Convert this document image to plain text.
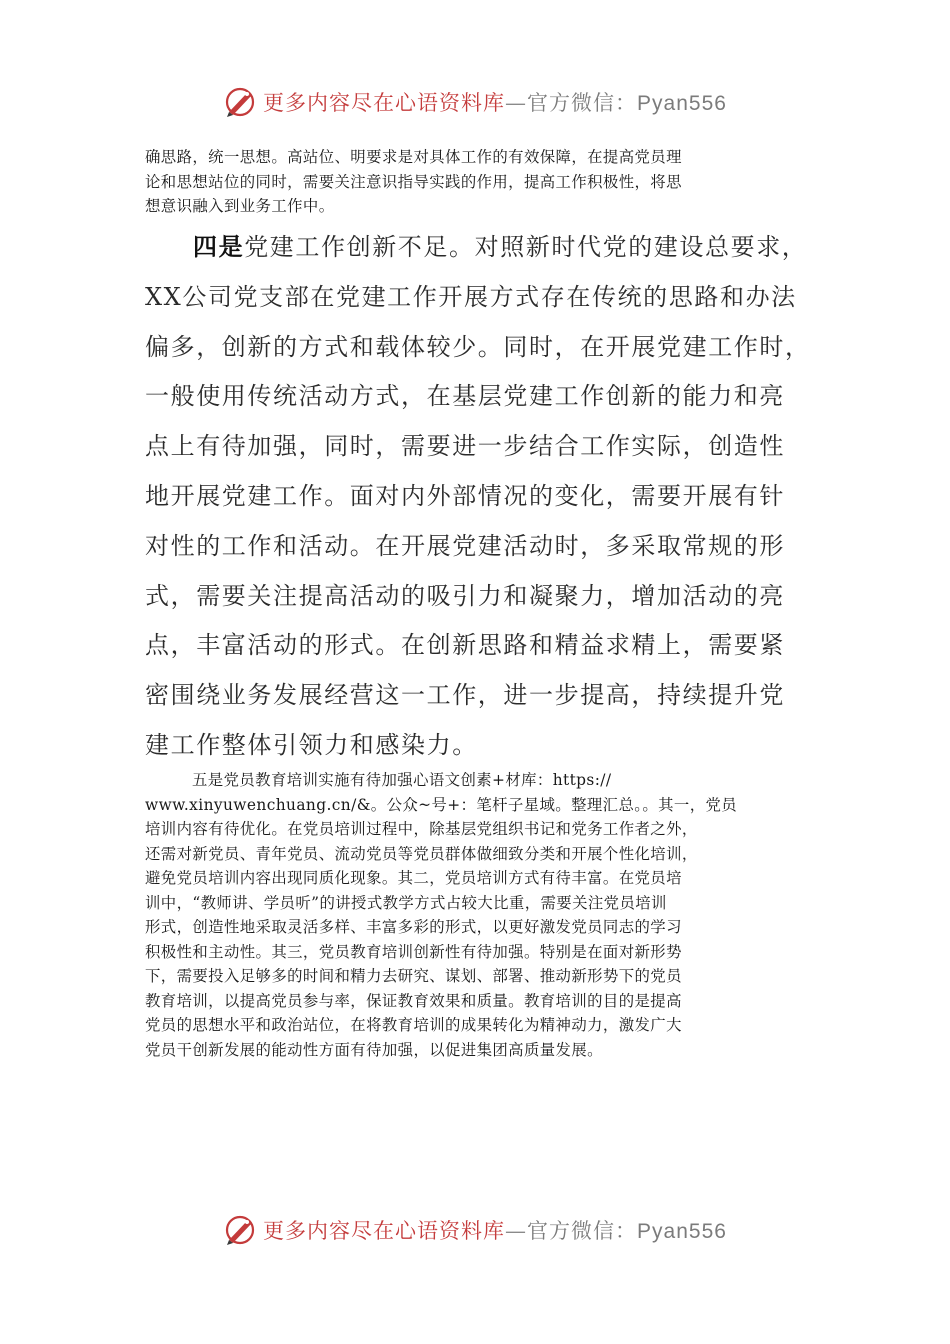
更多内容尽在心语资料库—官方微信：Pyan556
确思路，统一思想。高站位、明要求是对具体工作的有效保障，在提高党员理
论和思想站位的同时，需要关注意识指导实践的作用，提高工作积极性，将思
想意识融入到业务工作中。
四是党建工作创新不足。对照新时代党的建设总要求，
XX公司党支部在党建工作开展方式存在传统的思路和办法
偏多，创新的方式和载体较少。同时，在开展党建工作时，
一般使用传统活动方式，在基层党建工作创新的能力和亮
点上有待加强，同时，需要进一步结合工作实际，创造性
地开展党建工作。面对内外部情况的变化，需要开展有针
对性的工作和活动。在开展党建活动时，多采取常规的形
式，需要关注提高活动的吸引力和凝聚力，增加活动的亮
点，丰富活动的形式。在创新思路和精益求精上，需要紧
密围绕业务发展经营这一工作，进一步提高，持续提升党
建工作整体引领力和感染力。
五是党员教育培训实施有待加强心语文创素+材库：https://
www.xinyuwenchuang.cn/&。公众~号+：笔杆子星域。整理汇总。。其一，党员
培训内容有待优化。在党员培训过程中，除基层党组织书记和党务工作者之外，
还需对新党员、青年党员、流动党员等党员群体做细致分类和开展个性化培训，
避免党员培训内容出现同质化现象。其二，党员培训方式有待丰富。在党员培
训中，“教师讲、学员听”的讲授式教学方式占较大比重，需要关注党员培训
形式，创造性地采取灵活多样、丰富多彩的形式，以更好激发党员同志的学习
积极性和主动性。其三，党员教育培训创新性有待加强。特别是在面对新形势
下，需要投入足够多的时间和精力去研究、谋划、部署、推动新形势下的党员
教育培训，以提高党员参与率，保证教育效果和质量。教育培训的目的是提高
党员的思想水平和政治站位，在将教育培训的成果转化为精神动力，激发广大
党员干创新发展的能动性方面有待加强，以促进集团高质量发展。
更多内容尽在心语资料库—官方微信：Pyan556
